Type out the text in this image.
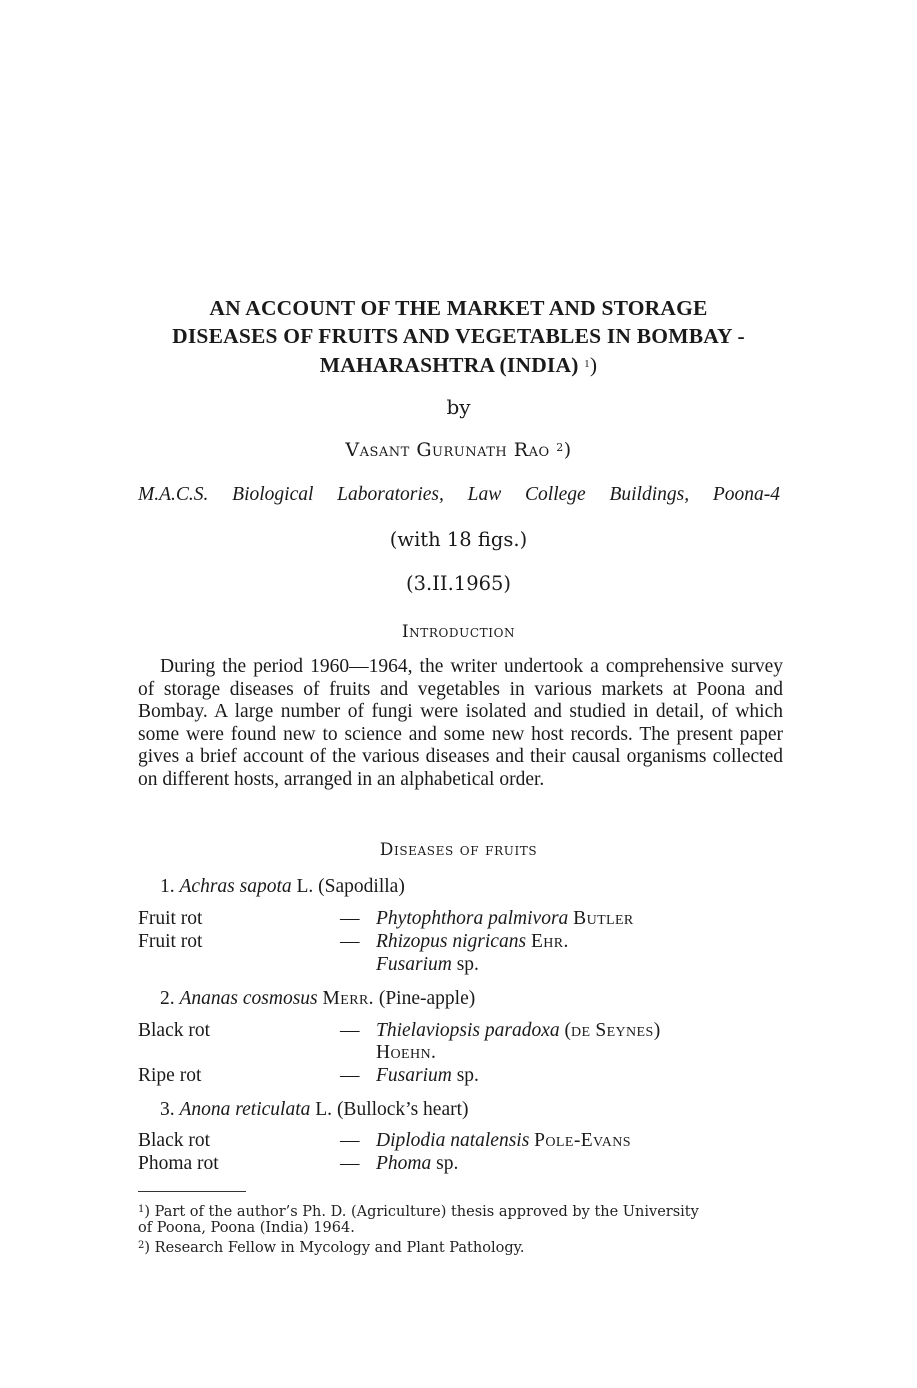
AN ACCOUNT OF THE MARKET AND STORAGE
DISEASES OF FRUITS AND VEGETABLES IN BOMBAY -
MAHARASHTRA (INDIA) $^1$)
by
Vasant Gurunath Rao $^2$)
M.A.C.S. Biological Laboratories, Law College Buildings, Poona-4
(with 18 figs.)
(3.II.1965)
Introduction
During the period 1960—1964, the writer undertook a comprehensive survey of storage diseases of fruits and vegetables in various markets at Poona and Bombay. A large number of fungi were isolated and studied in detail, of which some were found new to science and some new host records. The present paper gives a brief account of the various diseases and their causal organisms collected on different hosts, arranged in an alphabetical order.
Diseases of fruits
1. Achras sapota L. (Sapodilla)
Fruit rot	— Phytophthora palmivora Butler
Fruit rot	— Rhizopus nigricans Ehr.
Fusarium sp.
2. Ananas cosmosus Merr. (Pine-apple)
Black rot	— Thielaviopsis paradoxa (de Seynes)
Hoehn.
Ripe rot	— Fusarium sp.
3. Anona reticulata L. (Bullock’s heart)
Black rot	— Diplodia natalensis Pole-Evans
Phoma rot	— Phoma sp.
$^1$) Part of the author’s Ph. D. (Agriculture) thesis approved by the University
of Poona, Poona (India) 1964.
$^2$) Research Fellow in Mycology and Plant Pathology.
